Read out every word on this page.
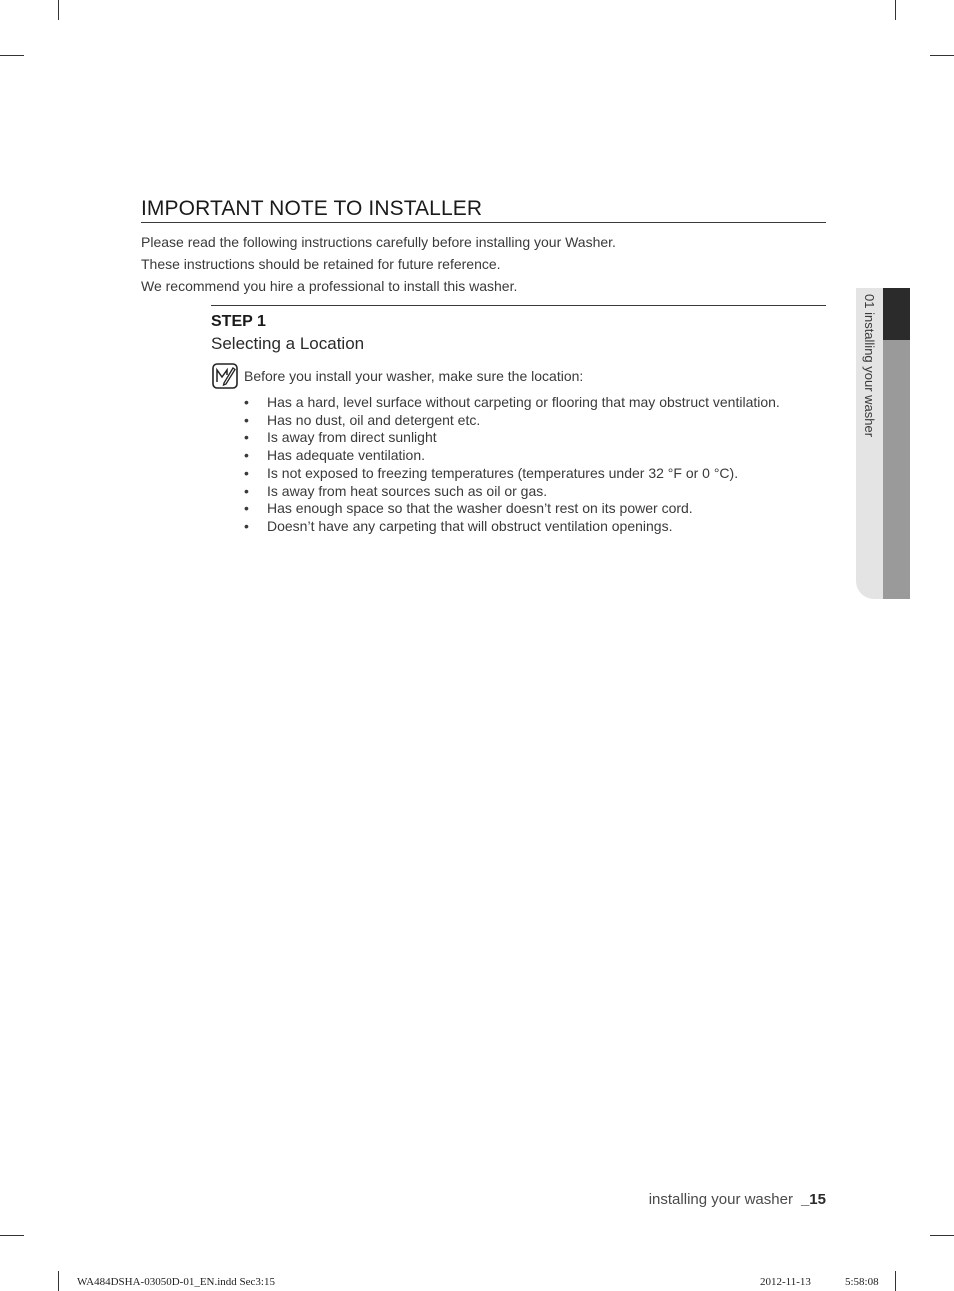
IMPORTANT NOTE TO INSTALLER

Please read the following instructions carefully before installing your Washer.

These instructions should be retained for future reference.

We recommend you hire a professional to install this washer.

STEP 1
Selecting a Location
Before you install your washer, make sure the location:
• Has a hard, level surface without carpeting or flooring that may obstruct ventilation.
• Has no dust, oil and detergent etc.
• Is away from direct sunlight
• Has adequate ventilation.
• Is not exposed to freezing temperatures (temperatures under 32 °F or 0 °C).
• Is away from heat sources such as oil or gas.
• Has enough space so that the washer doesn’t rest on its power cord.
• Doesn’t have any carpeting that will obstruct ventilation openings.
01 installing your washer
installing your washer _15
WA484DSHA-03050D-01_EN.indd Sec3:15	2012-11-13	5:58:08
